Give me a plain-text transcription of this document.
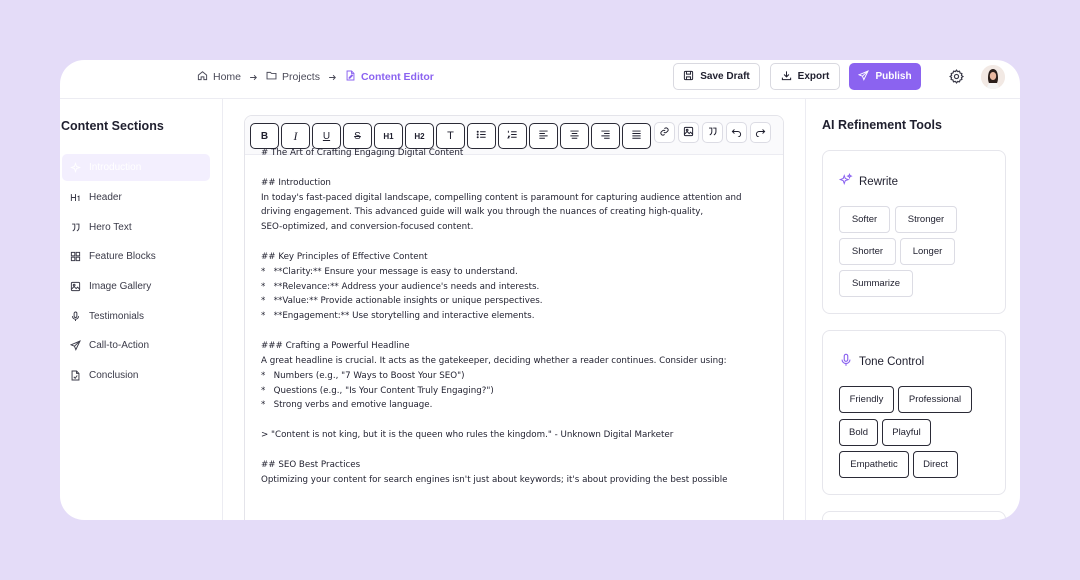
Home	Projects	Content Editor	Save Draft	Export	Publish
Content Sections
Introduction
Header
Hero Text
Feature Blocks
Image Gallery
Testimonials
Call-to-Action
Conclusion
B I	U S	H1	H2 T
# The Art of Crafting Engaging Digital Content
## Introduction
In today's fast-paced digital landscape, compelling content is paramount for capturing audience attention and
driving engagement. This advanced guide will walk you through the nuances of creating high-quality,
SEO-optimized, and conversion-focused content.
## Key Principles of Effective Content
*   **Clarity:** Ensure your message is easy to understand.
*   **Relevance:** Address your audience's needs and interests.
*   **Value:** Provide actionable insights or unique perspectives.
*   **Engagement:** Use storytelling and interactive elements.
### Crafting a Powerful Headline
A great headline is crucial. It acts as the gatekeeper, deciding whether a reader continues. Consider using:
*   Numbers (e.g., "7 Ways to Boost Your SEO")
*   Questions (e.g., "Is Your Content Truly Engaging?")
*   Strong verbs and emotive language.
> "Content is not king, but it is the queen who rules the kingdom." - Unknown Digital Marketer
## SEO Best Practices
Optimizing your content for search engines isn't just about keywords; it's about providing the best possible
AI Refinement Tools
Rewrite
Softer	Stronger
Shorter	Longer
Summarize
Tone Control
Friendly	Professional
Bold	Playful
Empathetic	Direct
